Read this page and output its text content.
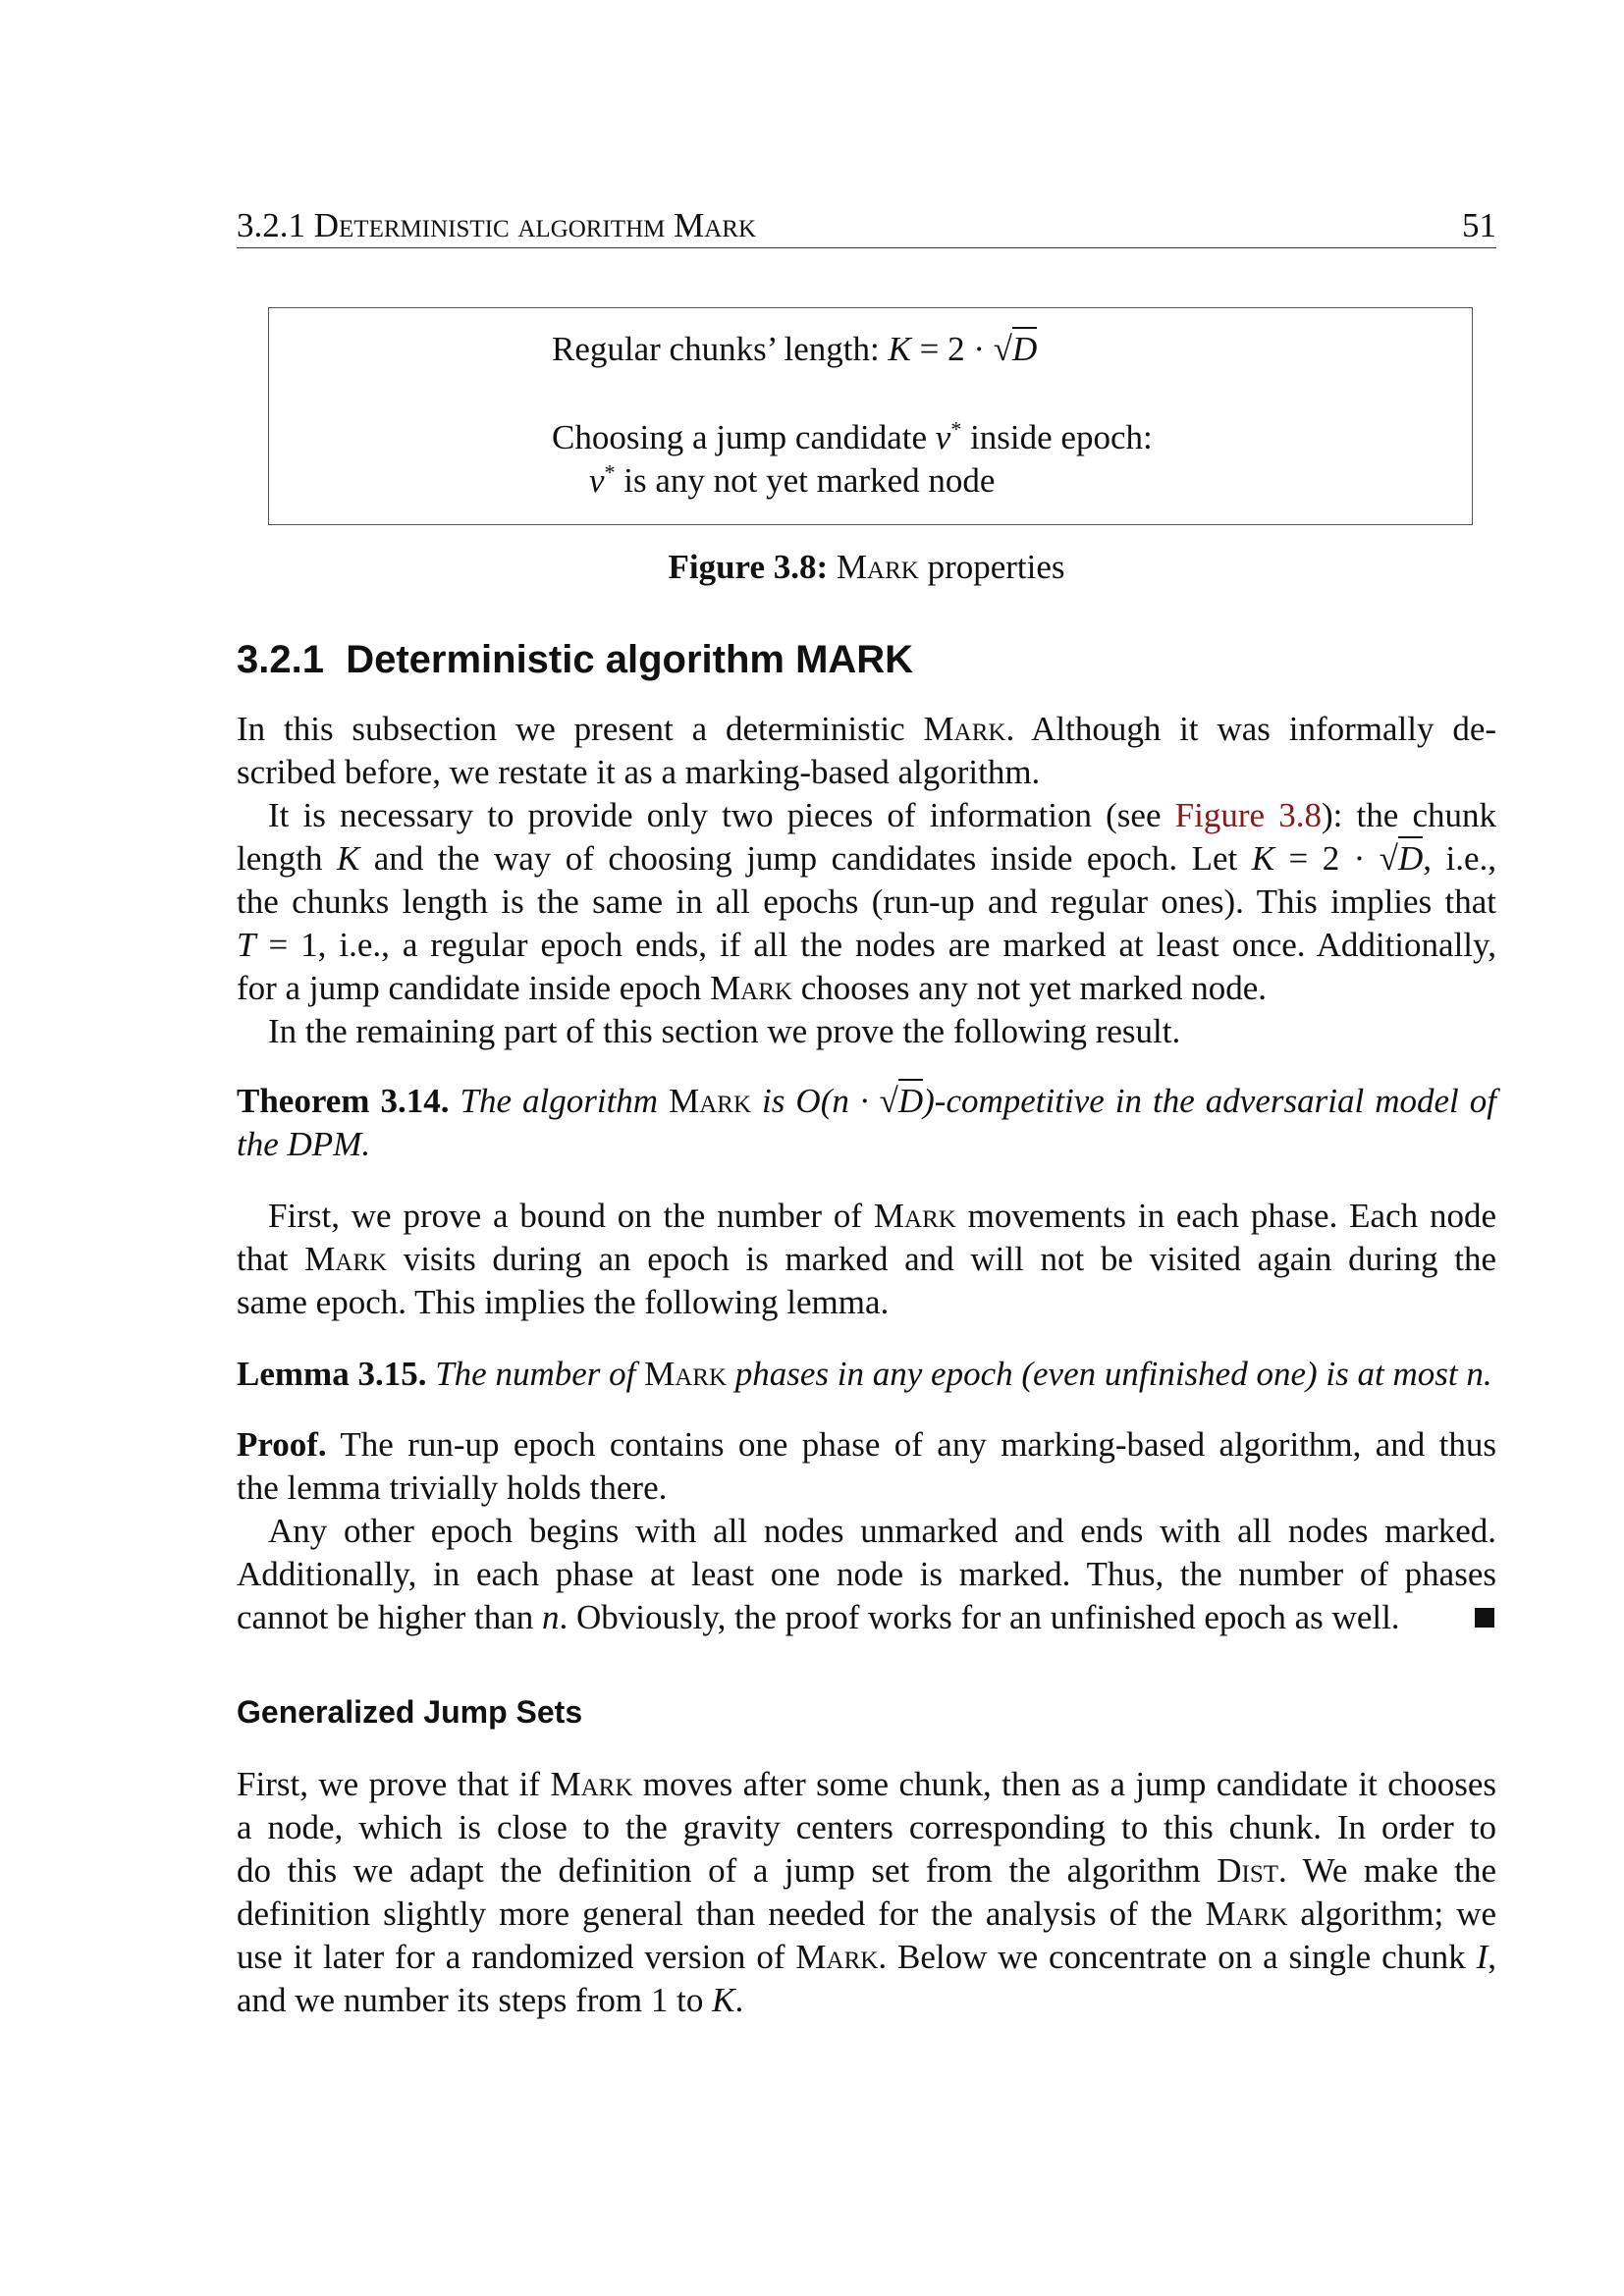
3.2.1 Deterministic algorithm Mark	51
Regular chunks’ length: K = 2 · √D
Choosing a jump candidate v* inside epoch:
v* is any not yet marked node
Figure 3.8: Mark properties
3.2.1  Deterministic algorithm MARK
In this subsection we present a deterministic Mark. Although it was informally de-
scribed before, we restate it as a marking-based algorithm.
It is necessary to provide only two pieces of information (see Figure 3.8): the chunk
length K and the way of choosing jump candidates inside epoch. Let K = 2 · √D, i.e.,
the chunks length is the same in all epochs (run-up and regular ones). This implies that
T = 1, i.e., a regular epoch ends, if all the nodes are marked at least once. Additionally,
for a jump candidate inside epoch Mark chooses any not yet marked node.
In the remaining part of this section we prove the following result.
Theorem 3.14. The algorithm Mark is O(n · √D)-competitive in the adversarial model of
the DPM.
First, we prove a bound on the number of Mark movements in each phase. Each node
that Mark visits during an epoch is marked and will not be visited again during the
same epoch. This implies the following lemma.
Lemma 3.15. The number of Mark phases in any epoch (even unfinished one) is at most n.
Proof. The run-up epoch contains one phase of any marking-based algorithm, and thus
the lemma trivially holds there.
Any other epoch begins with all nodes unmarked and ends with all nodes marked.
Additionally, in each phase at least one node is marked. Thus, the number of phases
cannot be higher than n. Obviously, the proof works for an unfinished epoch as well.
Generalized Jump Sets
First, we prove that if Mark moves after some chunk, then as a jump candidate it chooses
a node, which is close to the gravity centers corresponding to this chunk. In order to
do this we adapt the definition of a jump set from the algorithm Dist. We make the
definition slightly more general than needed for the analysis of the Mark algorithm; we
use it later for a randomized version of Mark. Below we concentrate on a single chunk I,
and we number its steps from 1 to K.
